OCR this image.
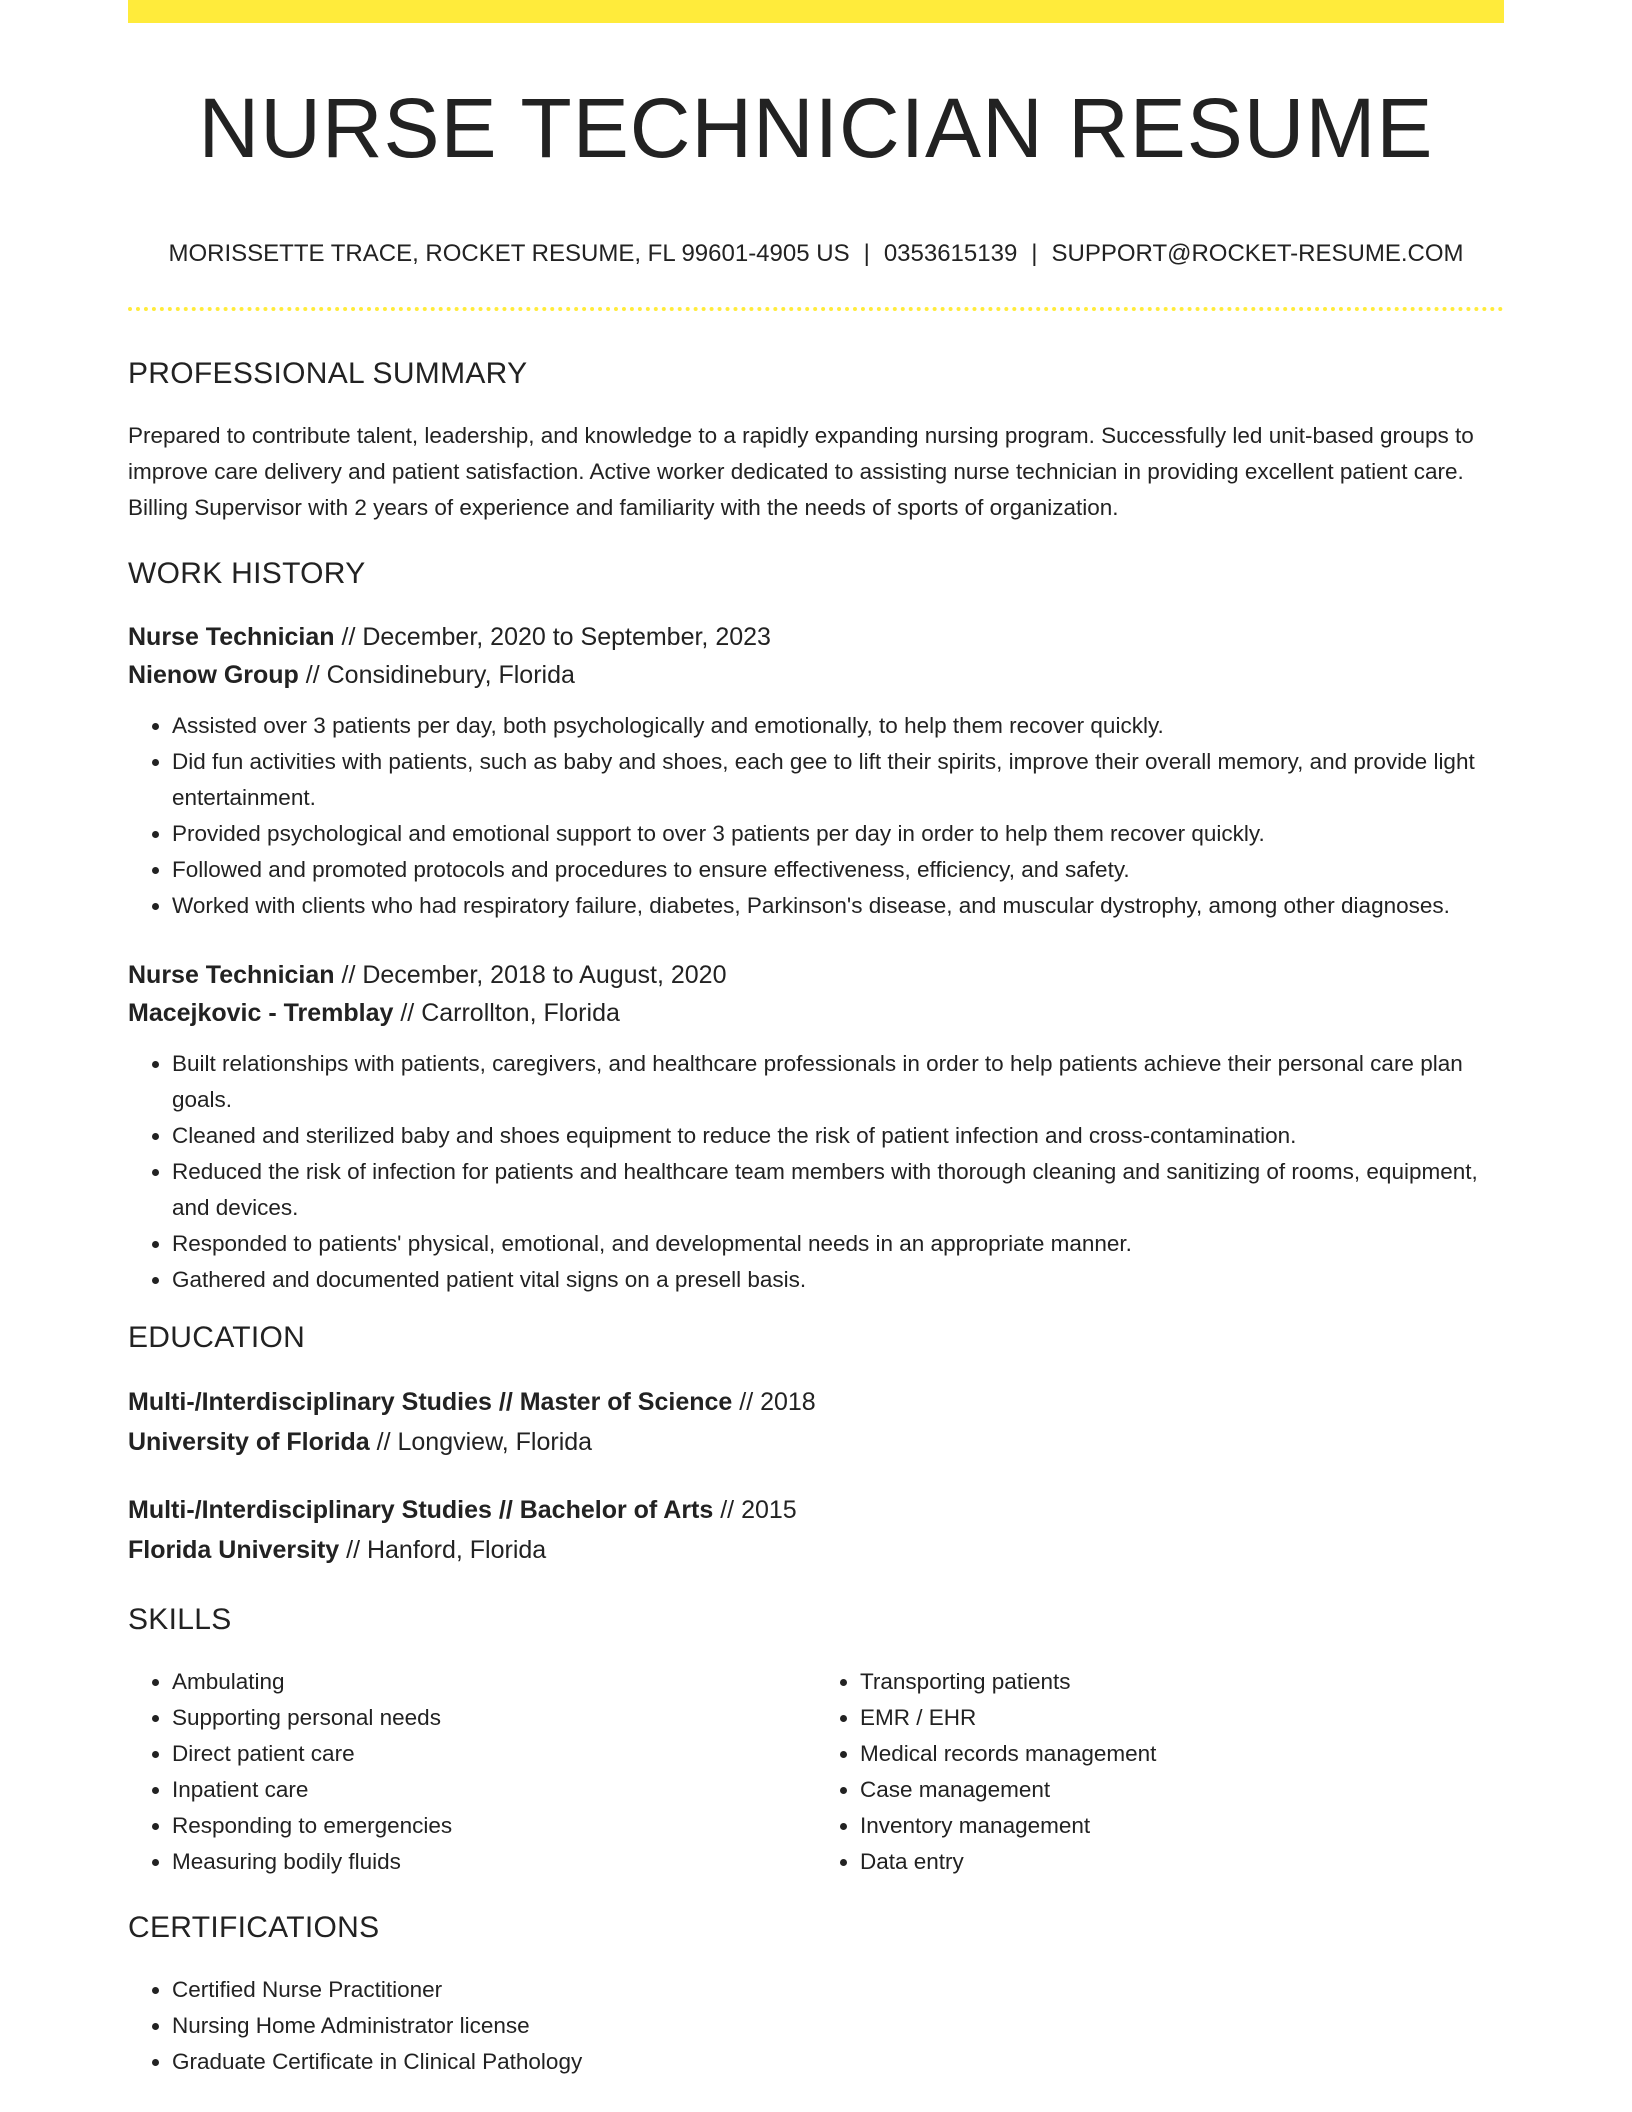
NURSE TECHNICIAN RESUME
MORISSETTE TRACE, ROCKET RESUME, FL 99601-4905 US | 0353615139 | SUPPORT@ROCKET-RESUME.COM
PROFESSIONAL SUMMARY

Prepared to contribute talent, leadership, and knowledge to a rapidly expanding nursing program. Successfully led unit-based groups to improve care delivery and patient satisfaction. Active worker dedicated to assisting nurse technician in providing excellent patient care. Billing Supervisor with 2 years of experience and familiarity with the needs of sports of organization.

WORK HISTORY
Nurse Technician // December, 2020 to September, 2023
Nienow Group // Considinebury, Florida
• Assisted over 3 patients per day, both psychologically and emotionally, to help them recover quickly.
• Did fun activities with patients, such as baby and shoes, each gee to lift their spirits, improve their overall memory, and provide light entertainment.
• Provided psychological and emotional support to over 3 patients per day in order to help them recover quickly.
• Followed and promoted protocols and procedures to ensure effectiveness, efficiency, and safety.
• Worked with clients who had respiratory failure, diabetes, Parkinson's disease, and muscular dystrophy, among other diagnoses.
Nurse Technician // December, 2018 to August, 2020
Macejkovic - Tremblay // Carrollton, Florida
• Built relationships with patients, caregivers, and healthcare professionals in order to help patients achieve their personal care plan goals.
• Cleaned and sterilized baby and shoes equipment to reduce the risk of patient infection and cross-contamination.
• Reduced the risk of infection for patients and healthcare team members with thorough cleaning and sanitizing of rooms, equipment, and devices.
• Responded to patients' physical, emotional, and developmental needs in an appropriate manner.
• Gathered and documented patient vital signs on a presell basis.
EDUCATION
Multi-/Interdisciplinary Studies // Master of Science // 2018
University of Florida // Longview, Florida
Multi-/Interdisciplinary Studies // Bachelor of Arts // 2015
Florida University // Hanford, Florida
SKILLS
• Ambulating
• Supporting personal needs
• Direct patient care
• Inpatient care
• Responding to emergencies
• Measuring bodily fluids
• Transporting patients
• EMR / EHR
• Medical records management
• Case management
• Inventory management
• Data entry
CERTIFICATIONS
• Certified Nurse Practitioner
• Nursing Home Administrator license
• Graduate Certificate in Clinical Pathology
